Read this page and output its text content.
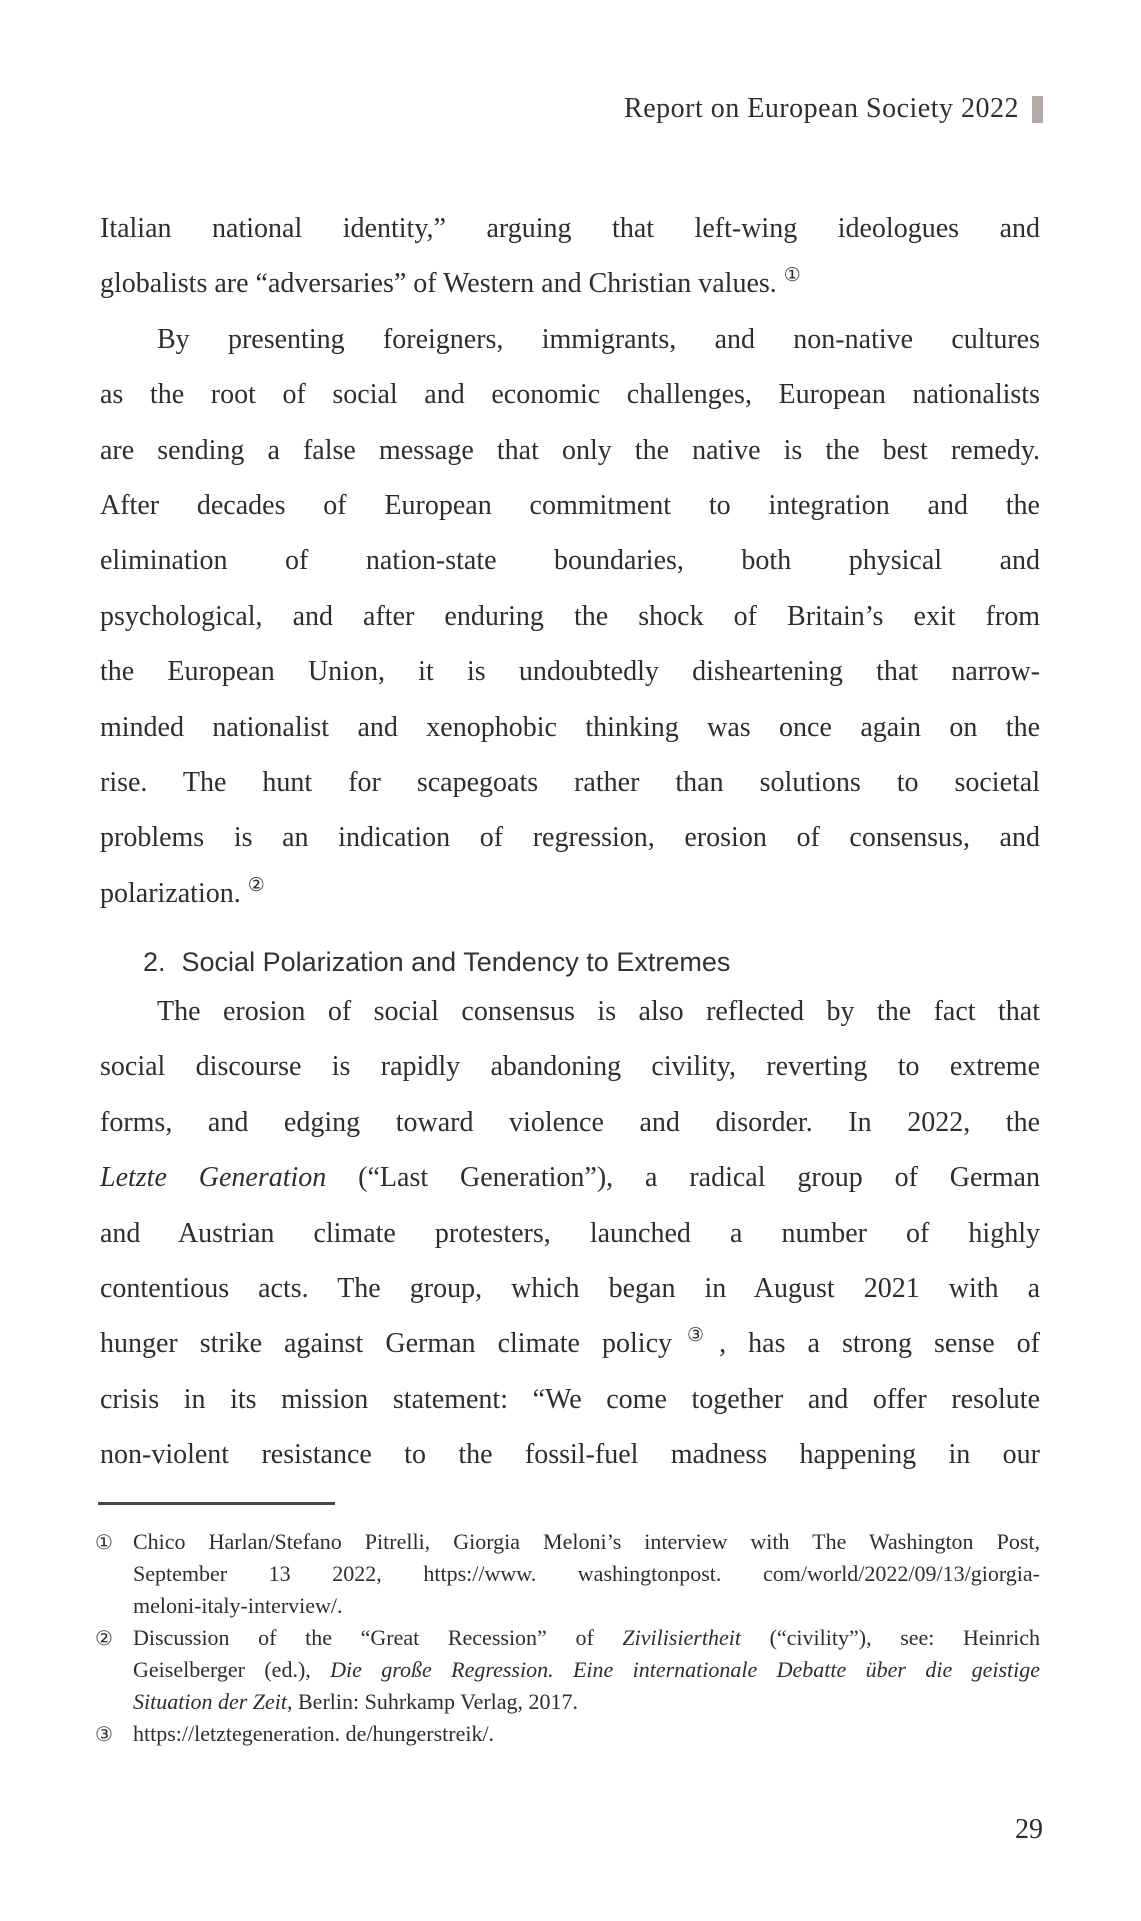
Report on European Society 2022
Italian national identity,” arguing that left-wing ideologues and
globalists are “adversaries” of Western and Christian values. ①
By presenting foreigners, immigrants, and non-native cultures
as the root of social and economic challenges, European nationalists
are sending a false message that only the native is the best remedy.
After decades of European commitment to integration and the
elimination of nation-state boundaries, both physical and
psychological, and after enduring the shock of Britain’s exit from
the European Union, it is undoubtedly disheartening that narrow-
minded nationalist and xenophobic thinking was once again on the
rise. The hunt for scapegoats rather than solutions to societal
problems is an indication of regression, erosion of consensus, and
polarization. ②
2. Social Polarization and Tendency to Extremes
The erosion of social consensus is also reflected by the fact that
social discourse is rapidly abandoning civility, reverting to extreme
forms, and edging toward violence and disorder. In 2022, the
Letzte Generation (“Last Generation”), a radical group of German
and Austrian climate protesters, launched a number of highly
contentious acts. The group, which began in August 2021 with a
hunger strike against German climate policy③, has a strong sense of
crisis in its mission statement: “We come together and offer resolute
non-violent resistance to the fossil-fuel madness happening in our
① Chico Harlan/Stefano Pitrelli, Giorgia Meloni’s interview with The Washington Post,
September 13 2022, https://www. washingtonpost. com/world/2022/09/13/giorgia-
meloni-italy-interview/.
② Discussion of the “Great Recession” of Zivilisiertheit (“civility”), see: Heinrich
Geiselberger (ed.), Die große Regression. Eine internationale Debatte über die geistige
Situation der Zeit, Berlin: Suhrkamp Verlag, 2017.
③ https://letztegeneration. de/hungerstreik/.
29
